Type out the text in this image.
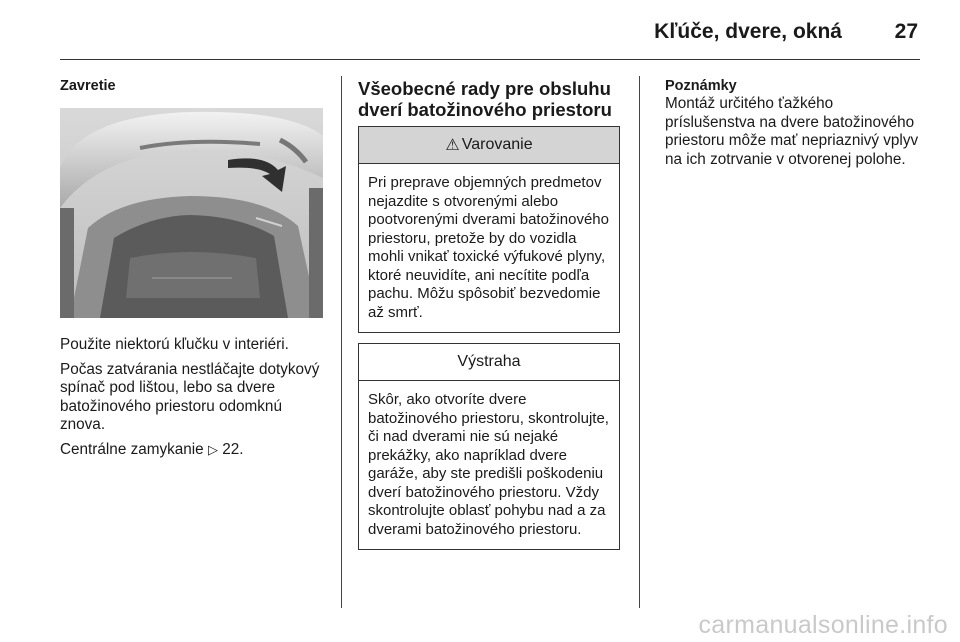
Kľúče, dvere, okná	27
Zavretie

Použite niektorú kľučku v interiéri.

Počas zatvárania nestláčajte dotykový spínač pod lištou, lebo sa dvere batožinového priestoru odomknú znova.

Centrálne zamykanie ▷ 22.

Všeobecné rady pre obsluhu
dverí batožinového priestoru
⚠ Varovanie
Pri preprave objemných predmetov nejazdite s otvorenými alebo pootvorenými dverami batožinového priestoru, pretože by do vozidla mohli vnikať toxické výfukové plyny, ktoré neuvidíte, ani necítite podľa pachu. Môžu spôsobiť bezvedomie až smrť.
Výstraha
Skôr, ako otvoríte dvere batožinového priestoru, skontrolujte, či nad dverami nie sú nejaké prekážky, ako napríklad dvere garáže, aby ste predišli poškodeniu dverí batožinového priestoru. Vždy skontrolujte oblasť pohybu nad a za dverami batožinového priestoru.
Poznámky

Montáž určitého ťažkého príslušenstva na dvere batožinového priestoru môže mať nepriaznivý vplyv na ich zotrvanie v otvorenej polohe.

carmanualsonline.info
